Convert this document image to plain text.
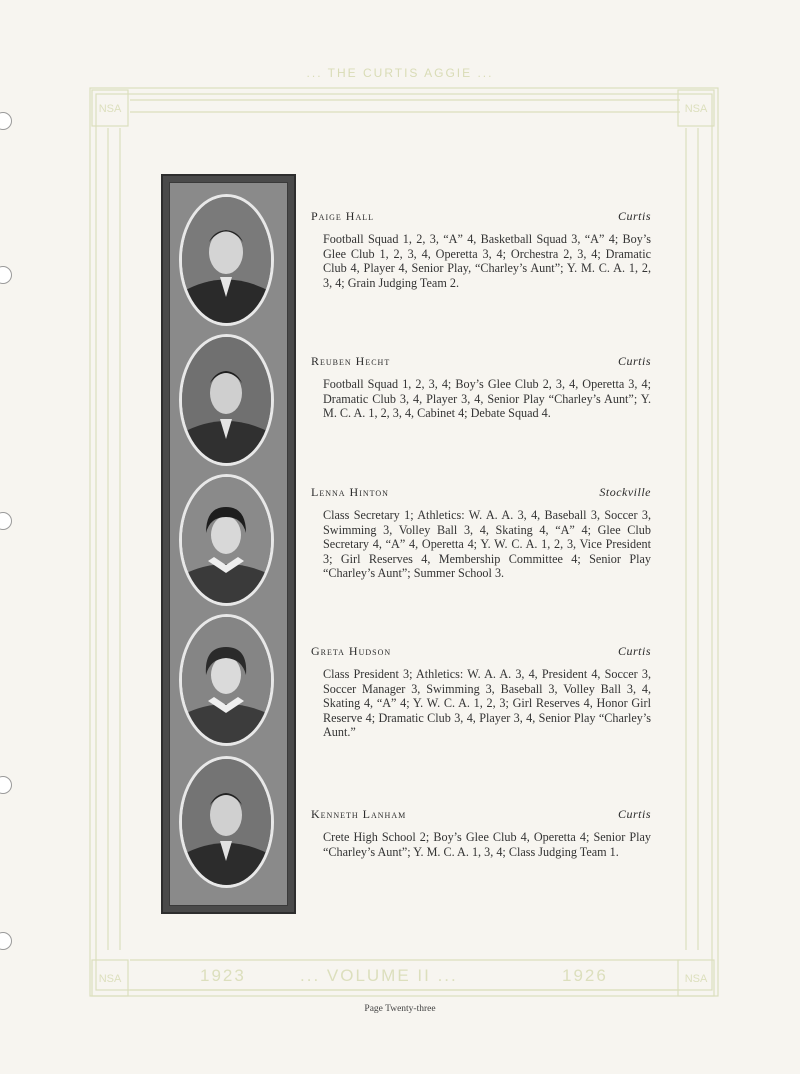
NSA	NSA
NSA	NSA
... THE CURTIS AGGIE ...
1923	... VOLUME II ...	1926
Paige Hall	Curtis
Football Squad 1, 2, 3, “A” 4, Basketball Squad 3, “A” 4; Boy’s Glee Club 1, 2, 3, 4, Operetta 3, 4; Orchestra 2, 3, 4; Dramatic Club 4, Player 4, Senior Play, “Charley’s Aunt”; Y. M. C. A. 1, 2, 3, 4; Grain Judging Team 2.
Reuben Hecht	Curtis
Football Squad 1, 2, 3, 4; Boy’s Glee Club 2, 3, 4, Operetta 3, 4; Dramatic Club 3, 4, Player 3, 4, Senior Play “Charley’s Aunt”; Y. M. C. A. 1, 2, 3, 4, Cabinet 4; Debate Squad 4.
Lenna Hinton	Stockville
Class Secretary 1; Athletics: W. A. A. 3, 4, Baseball 3, Soccer 3, Swimming 3, Volley Ball 3, 4, Skating 4, “A” 4; Glee Club Secretary 4, “A” 4, Operetta 4; Y. W. C. A. 1, 2, 3, Vice President 3; Girl Reserves 4, Membership Committee 4; Senior Play “Charley’s Aunt”; Summer School 3.
Greta Hudson	Curtis
Class President 3; Athletics: W. A. A. 3, 4, President 4, Soccer 3, Soccer Manager 3, Swimming 3, Baseball 3, Volley Ball 3, 4, Skating 4, “A” 4; Y. W. C. A. 1, 2, 3; Girl Reserves 4, Honor Girl Reserve 4; Dramatic Club 3, 4, Player 3, 4, Senior Play “Charley’s Aunt.”
Kenneth Lanham	Curtis
Crete High School 2; Boy’s Glee Club 4, Operetta 4; Senior Play “Charley’s Aunt”; Y. M. C. A. 1, 3, 4; Class Judging Team 1.
Page Twenty-three
